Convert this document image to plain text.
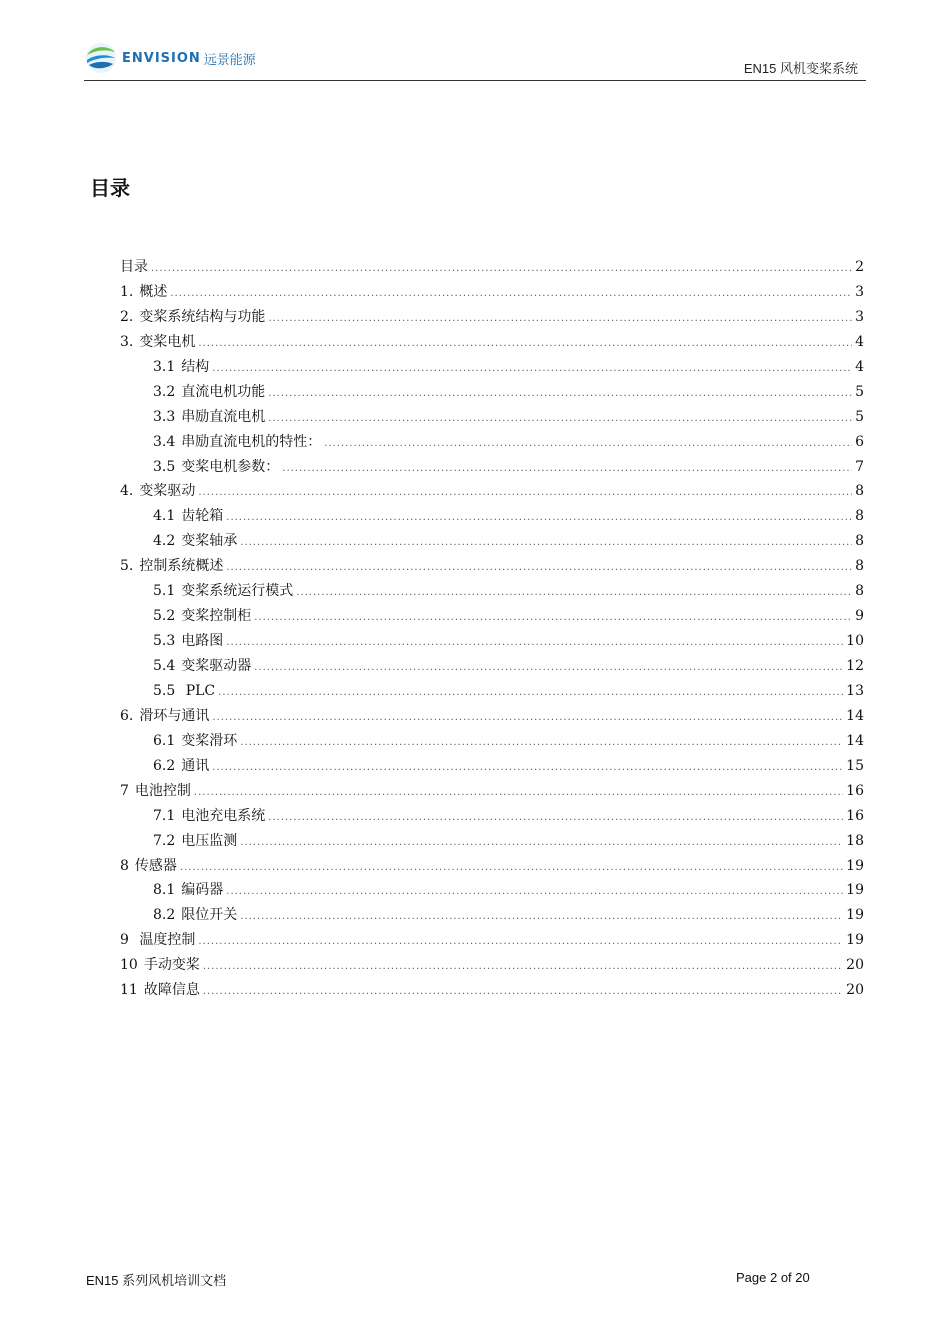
ENVISION 远景能源
EN15 风机变桨系统
目录
目录 .....	2
1. 概述 .....	3
2. 变桨系统结构与功能 .....	3
3. 变桨电机 .....	4
3.1 结构 .....	4
3.2 直流电机功能 .....	5
3.3 串励直流电机 .....	5
3.4 串励直流电机的特性： .....	6
3.5 变桨电机参数： .....	7
4. 变桨驱动 .....	8
4.1 齿轮箱 .....	8
4.2 变桨轴承 .....	8
5. 控制系统概述 .....	8
5.1 变桨系统运行模式 .....	8
5.2 变桨控制柜 .....	9
5.3 电路图 .....	10
5.4 变桨驱动器 .....	12
5.5 PLC .....	13
6. 滑环与通讯 .....	14
6.1 变桨滑环 .....	14
6.2 通讯 .....	15
7 电池控制 .....	16
7.1 电池充电系统 .....	16
7.2 电压监测 .....	18
8 传感器 .....	19
8.1 编码器 .....	19
8.2 限位开关 .....	19
9 温度控制 .....	19
10 手动变桨 .....	20
11 故障信息 .....	20
EN15 系列风机培训文档	Page 2 of 20
